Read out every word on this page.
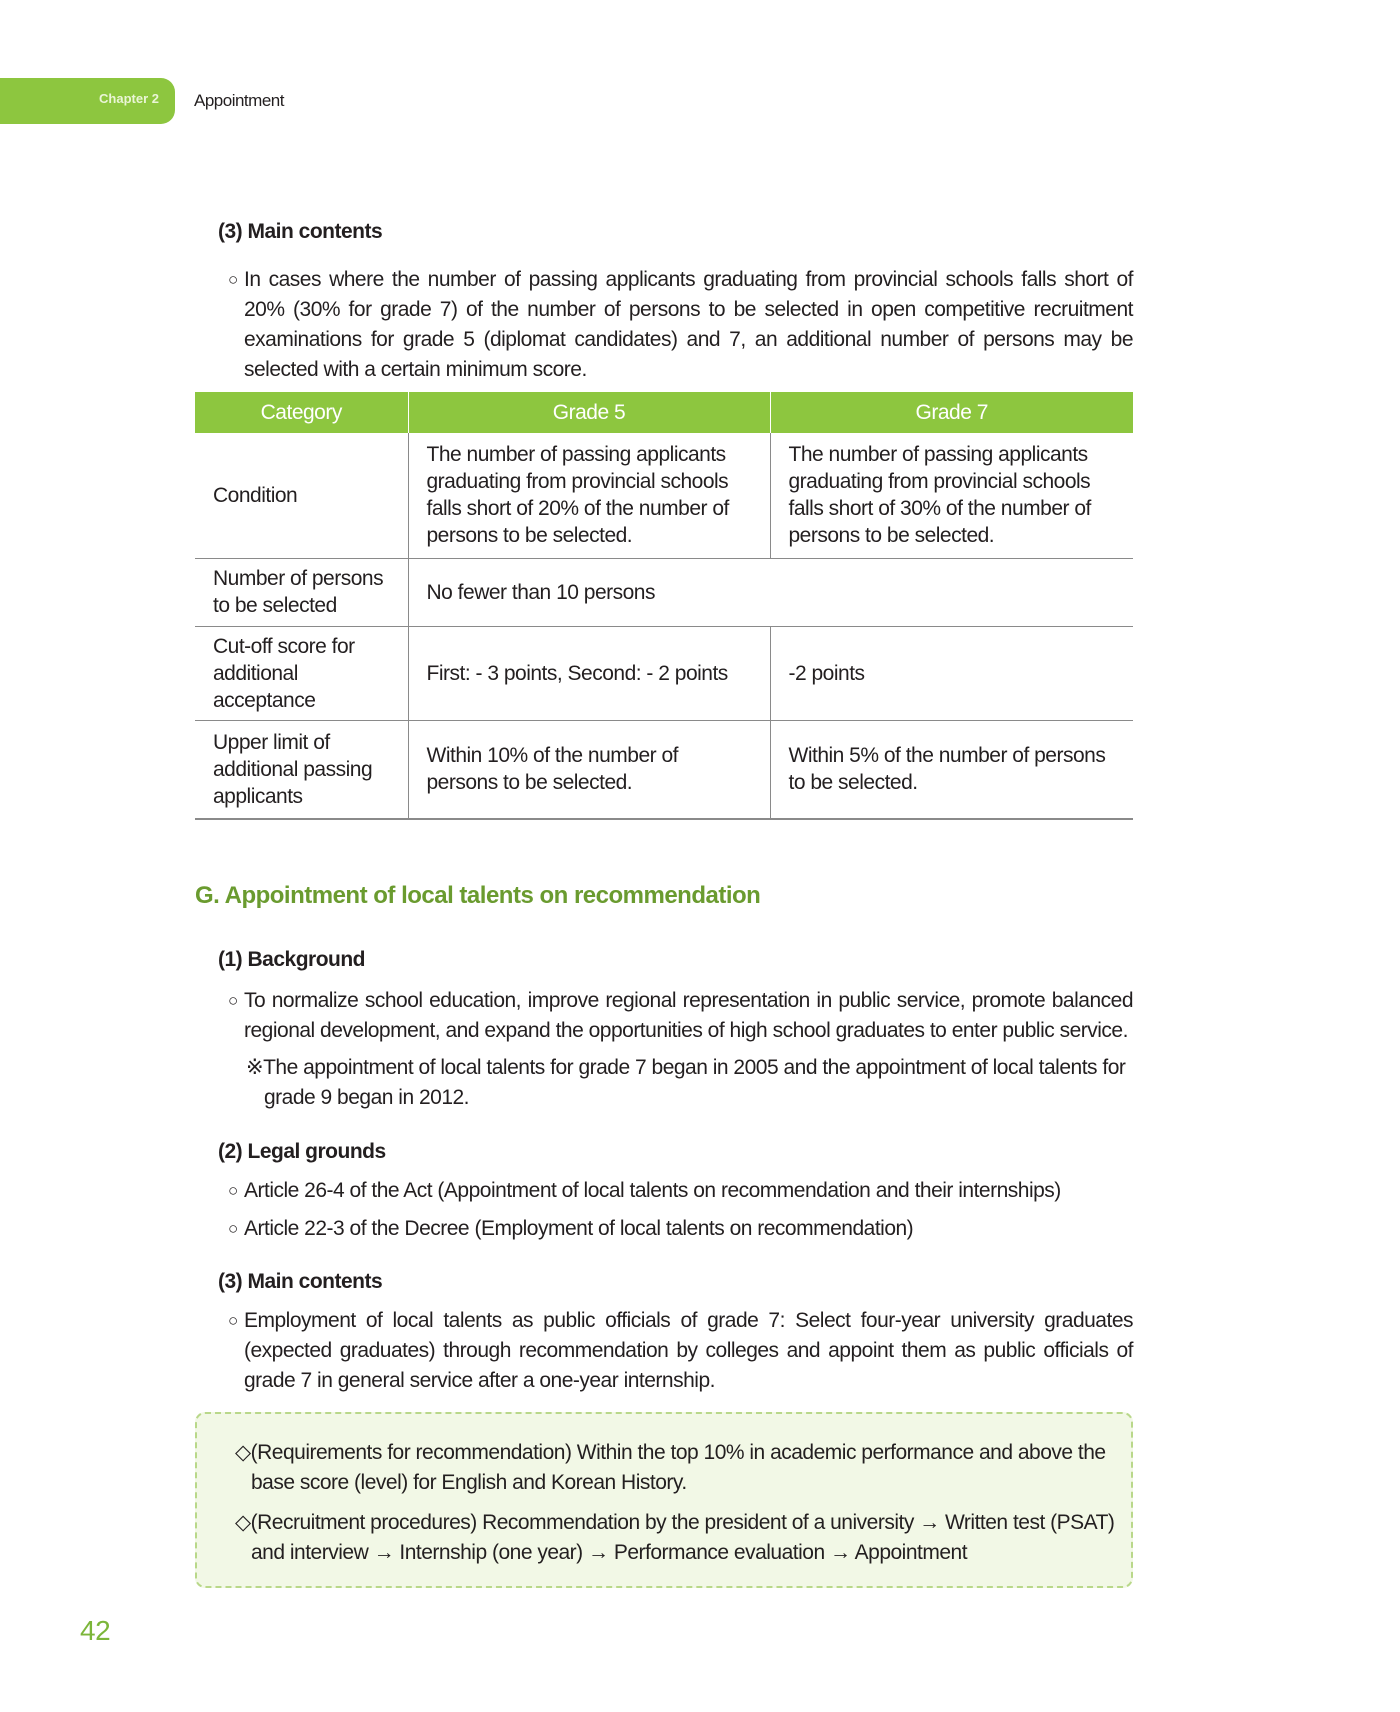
Chapter 2 Appointment
(3) Main contents
○ In cases where the number of passing applicants graduating from provincial schools falls short of 20% (30% for grade 7) of the number of persons to be selected in open competitive recruitment examinations for grade 5 (diplomat candidates) and 7, an additional number of persons may be selected with a certain minimum score.
Category	Grade 5	Grade 7
Condition	The number of passing applicants graduating from provincial schools falls short of 20% of the number of persons to be selected.	The number of passing applicants graduating from provincial schools falls short of 30% of the number of persons to be selected.
Number of persons to be selected	No fewer than 10 persons	
Cut-off score for additional acceptance	First: - 3 points, Second: - 2 points	-2 points
Upper limit of additional passing applicants	Within 10% of the number of persons to be selected.	Within 5% of the number of persons to be selected.
G. Appointment of local talents on recommendation
(1) Background
○ To normalize school education, improve regional representation in public service, promote balanced regional development, and expand the opportunities of high school graduates to enter public service.
※The appointment of local talents for grade 7 began in 2005 and the appointment of local talents for grade 9 began in 2012.
(2) Legal grounds
○ Article 26-4 of the Act (Appointment of local talents on recommendation and their internships)
○ Article 22-3 of the Decree (Employment of local talents on recommendation)
(3) Main contents
○ Employment of local talents as public officials of grade 7: Select four-year university graduates (expected graduates) through recommendation by colleges and appoint them as public officials of grade 7 in general service after a one-year internship.
◇(Requirements for recommendation) Within the top 10% in academic performance and above the base score (level) for English and Korean History.
◇(Recruitment procedures) Recommendation by the president of a university → Written test (PSAT) and interview → Internship (one year) → Performance evaluation → Appointment
42
